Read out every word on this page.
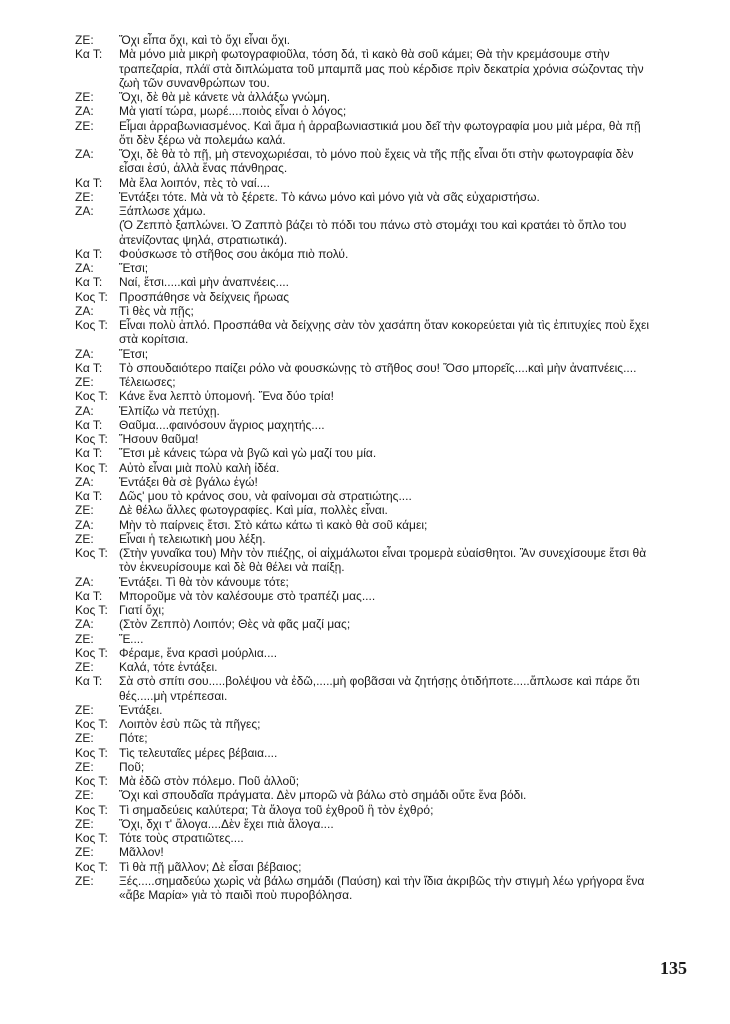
ΖΕ:	Ὄχι εἶπα ὄχι, καὶ τὸ ὄχι εἶναι ὄχι.
Κα Τ:	Μὰ μόνο μιὰ μικρὴ φωτογραφιοῦλα, τόση δά, τὶ κακὸ θὰ σοῦ κάμει; Θὰ τὴν κρεμάσουμε στὴν τραπεζαρία, πλάϊ στὰ διπλώματα τοῦ μπαμπᾶ μας ποὺ κέρδισε πρὶν δεκατρία χρόνια σώζοντας τὴν ζωὴ τῶν συνανθρώπων του.
ΖΕ:	Ὄχι, δὲ θὰ μὲ κάνετε νὰ ἀλλάξω γνώμη.
ΖΑ:	Μὰ γιατί τώρα, μωρέ....ποιὸς εἶναι ὁ λόγος;
ΖΕ:	Εἶμαι ἀρραβωνιασμένος. Καὶ ἅμα ἡ ἀρραβωνιαστικιά μου δεῖ τὴν φωτογραφία μου μιὰ μέρα, θὰ πῇ ὅτι δὲν ξέρω νὰ πολεμάω καλά.
ΖΑ:	Ὄχι, δὲ θὰ τὸ πῇ, μὴ στενοχωριέσαι, τὸ μόνο ποὺ ἔχεις νὰ τῆς πῇς εἶναι ὅτι στὴν φωτογραφία δὲν εἶσαι ἐσύ, ἀλλὰ ἕνας πάνθηρας.
Κα Τ:	Μὰ ἔλα λοιπόν, πὲς τὸ ναί....
ΖΕ:	Ἐντάξει τότε. Μὰ νὰ τὸ ξέρετε. Τὸ κάνω μόνο καὶ μόνο γιὰ νὰ σᾶς εὐχαριστήσω.
ΖΑ:	Ξάπλωσε χάμω.
(Ὁ Ζεππὸ ξαπλώνει. Ὁ Ζαππὸ βάζει τὸ πόδι του πάνω στὸ στομάχι του καὶ κρατάει τὸ ὅπλο του ἀτενίζοντας ψηλά, στρατιωτικά).
Κα Τ:	Φούσκωσε τὸ στῆθος σου ἀκόμα πιὸ πολύ.
ΖΑ:	Ἔτσι;
Κα Τ:	Ναί, ἔτσι.....καὶ μὴν ἀναπνέεις....
Κος Τ: Προσπάθησε νὰ δείχνεις ἥρωας
ΖΑ:	Τὶ θὲς νὰ πῇς;
Κος Τ: Εἶναι πολὺ ἁπλό. Προσπάθα νὰ δείχνῃς σὰν τὸν χασάπη ὅταν κοκορεύεται γιὰ τὶς ἐπιτυχίες ποὺ ἔχει στὰ κορίτσια.
ΖΑ:	Ἔτσι;
Κα Τ:	Τὸ σπουδαιότερο παίζει ρόλο νὰ φουσκώνῃς τὸ στῆθος σου! Ὅσο μπορεῖς....καὶ μὴν ἀναπνέεις....
ΖΕ:	Τέλειωσες;
Κος Τ: Κάνε ἕνα λεπτὸ ὑπομονή. Ἕνα δύο τρία!
ΖΑ:	Ἐλπίζω νὰ πετύχῃ.
Κα Τ:	Θαῦμα....φαινόσουν ἄγριος μαχητής....
Κος Τ: Ἤσουν θαῦμα!
Κα Τ:	Ἔτσι μὲ κάνεις τώρα νὰ βγῶ καὶ γὼ μαζί του μία.
Κος Τ: Αὐτὸ εἶναι μιὰ πολὺ καλὴ ἰδέα.
ΖΑ:	Ἐντάξει θὰ σὲ βγάλω ἐγώ!
Κα Τ:	Δῶς' μου τὸ κράνος σου, νὰ φαίνομαι σὰ στρατιώτης....
ΖΕ:	Δὲ θέλω ἄλλες φωτογραφίες. Καὶ μία, πολλὲς εἶναι.
ΖΑ:	Μὴν τὸ παίρνεις ἔτσι. Στὸ κάτω κάτω τὶ κακὸ θὰ σοῦ κάμει;
ΖΕ:	Εἶναι ἡ τελειωτικὴ μου λέξη.
Κος Τ: (Στὴν γυναῖκα του) Μὴν τὸν πιέζῃς, οἱ αἰχμάλωτοι εἶναι τρομερὰ εὐαίσθητοι. Ἂν συνεχίσουμε ἔτσι θὰ τὸν ἐκνευρίσουμε καὶ δὲ θὰ θέλει νὰ παίξῃ.
ΖΑ:	Ἐντάξει. Τὶ θὰ τὸν κάνουμε τότε;
Κα Τ:	Μποροῦμε νὰ τὸν καλέσουμε στὸ τραπέζι μας....
Κος Τ: Γιατί ὄχι;
ΖΑ:	(Στὸν Ζεππὸ) Λοιπόν; Θὲς νὰ φᾶς μαζί μας;
ΖΕ:	Ἔ....
Κος Τ: Φέραμε, ἕνα κρασὶ μούρλια....
ΖΕ:	Καλά, τότε ἐντάξει.
Κα Τ:	Σὰ στὸ σπίτι σου.....βολέψου νὰ ἐδῶ,.....μὴ φοβᾶσαι νὰ ζητήσῃς ὁτιδήποτε.....ἅπλωσε καὶ πάρε ὅτι θές.....μὴ ντρέπεσαι.
ΖΕ:	Ἐντάξει.
Κος Τ: Λοιπὸν ἐσὺ πῶς τὰ πῆγες;
ΖΕ:	Πότε;
Κος Τ: Τὶς τελευταῖες μέρες βέβαια....
ΖΕ:	Ποῦ;
Κος Τ: Μὰ ἐδῶ στὸν πόλεμο. Ποῦ ἀλλοῦ;
ΖΕ:	Ὄχι καὶ σπουδαῖα πράγματα. Δὲν μπορῶ νὰ βάλω στὸ σημάδι οὔτε ἕνα βόδι.
Κος Τ: Τὶ σημαδεύεις καλύτερα; Τὰ ἄλογα τοῦ ἐχθροῦ ἢ τὸν ἐχθρό;
ΖΕ:	Ὄχι, δχι τ' ἄλογα....Δὲν ἔχει πιὰ ἄλογα....
Κος Τ: Τότε τοὺς στρατιῶτες....
ΖΕ:	Μᾶλλον!
Κος Τ: Τὶ θὰ πῇ μᾶλλον; Δὲ εἶσαι βέβαιος;
ΖΕ:	Ξές.....σημαδεύω χωρὶς νὰ βάλω σημάδι (Παύση) καὶ τὴν ἴδια ἀκριβῶς τὴν στιγμὴ λέω γρήγορα ἕνα «ἄβε Μαρία» γιὰ τὸ παιδὶ ποὺ πυροβόλησα.
135
